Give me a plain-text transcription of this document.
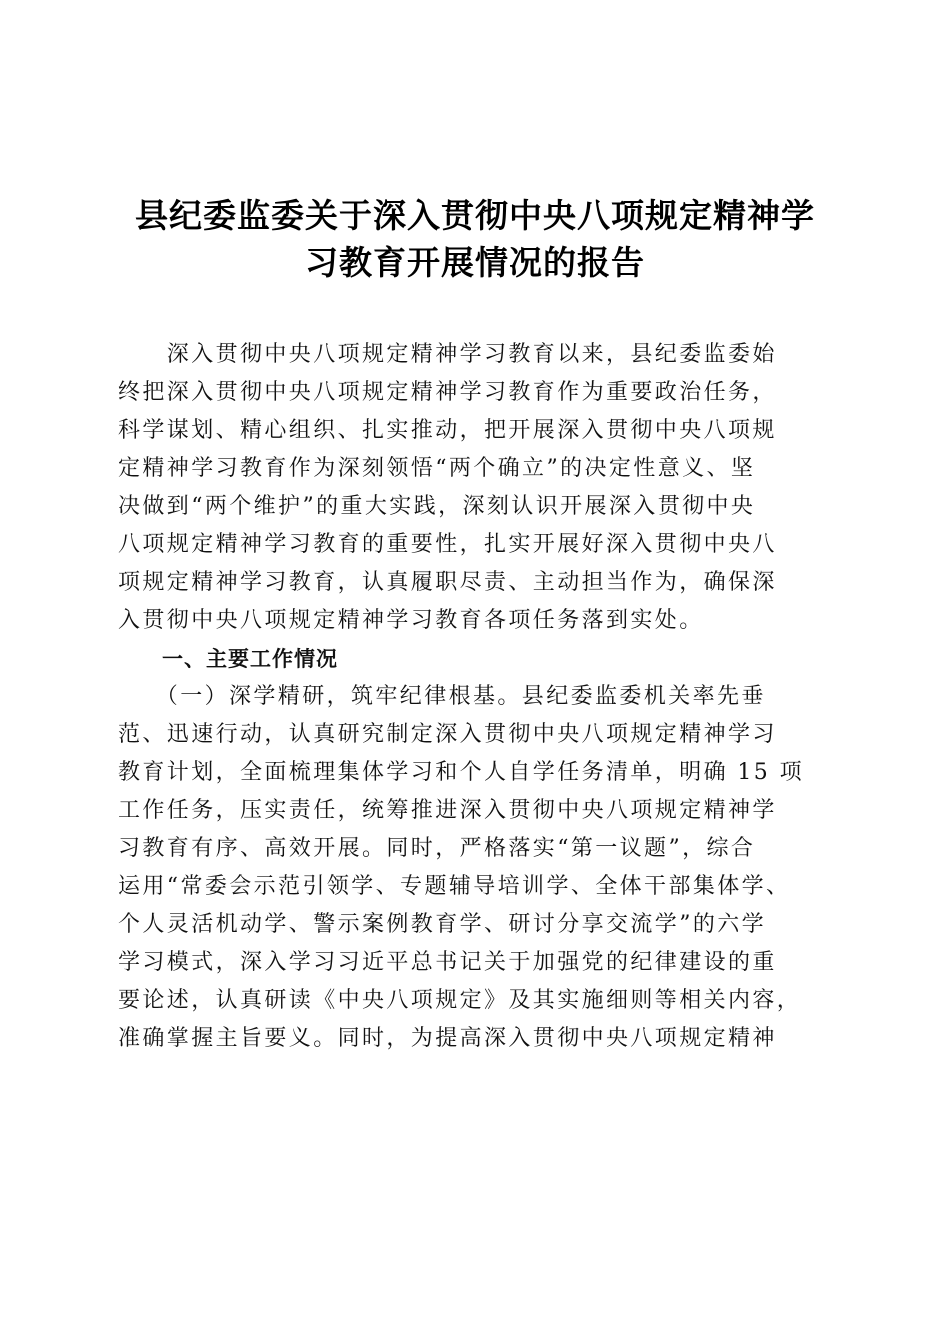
县纪委监委关于深入贯彻中央八项规定精神学
习教育开展情况的报告
　　深入贯彻中央八项规定精神学习教育以来，县纪委监委始
终把深入贯彻中央八项规定精神学习教育作为重要政治任务，
科学谋划、精心组织、扎实推动，把开展深入贯彻中央八项规
定精神学习教育作为深刻领悟“两个确立”的决定性意义、坚
决做到“两个维护”的重大实践，深刻认识开展深入贯彻中央
八项规定精神学习教育的重要性，扎实开展好深入贯彻中央八
项规定精神学习教育，认真履职尽责、主动担当作为，确保深
入贯彻中央八项规定精神学习教育各项任务落到实处。
　　一、主要工作情况
　　（一）深学精研，筑牢纪律根基。县纪委监委机关率先垂
范、迅速行动，认真研究制定深入贯彻中央八项规定精神学习
教育计划，全面梳理集体学习和个人自学任务清单，明确 15 项
工作任务，压实责任，统筹推进深入贯彻中央八项规定精神学
习教育有序、高效开展。同时，严格落实“第一议题”，综合
运用“常委会示范引领学、专题辅导培训学、全体干部集体学、
个人灵活机动学、警示案例教育学、研讨分享交流学”的六学
学习模式，深入学习习近平总书记关于加强党的纪律建设的重
要论述，认真研读《中央八项规定》及其实施细则等相关内容，
准确掌握主旨要义。同时，为提高深入贯彻中央八项规定精神
